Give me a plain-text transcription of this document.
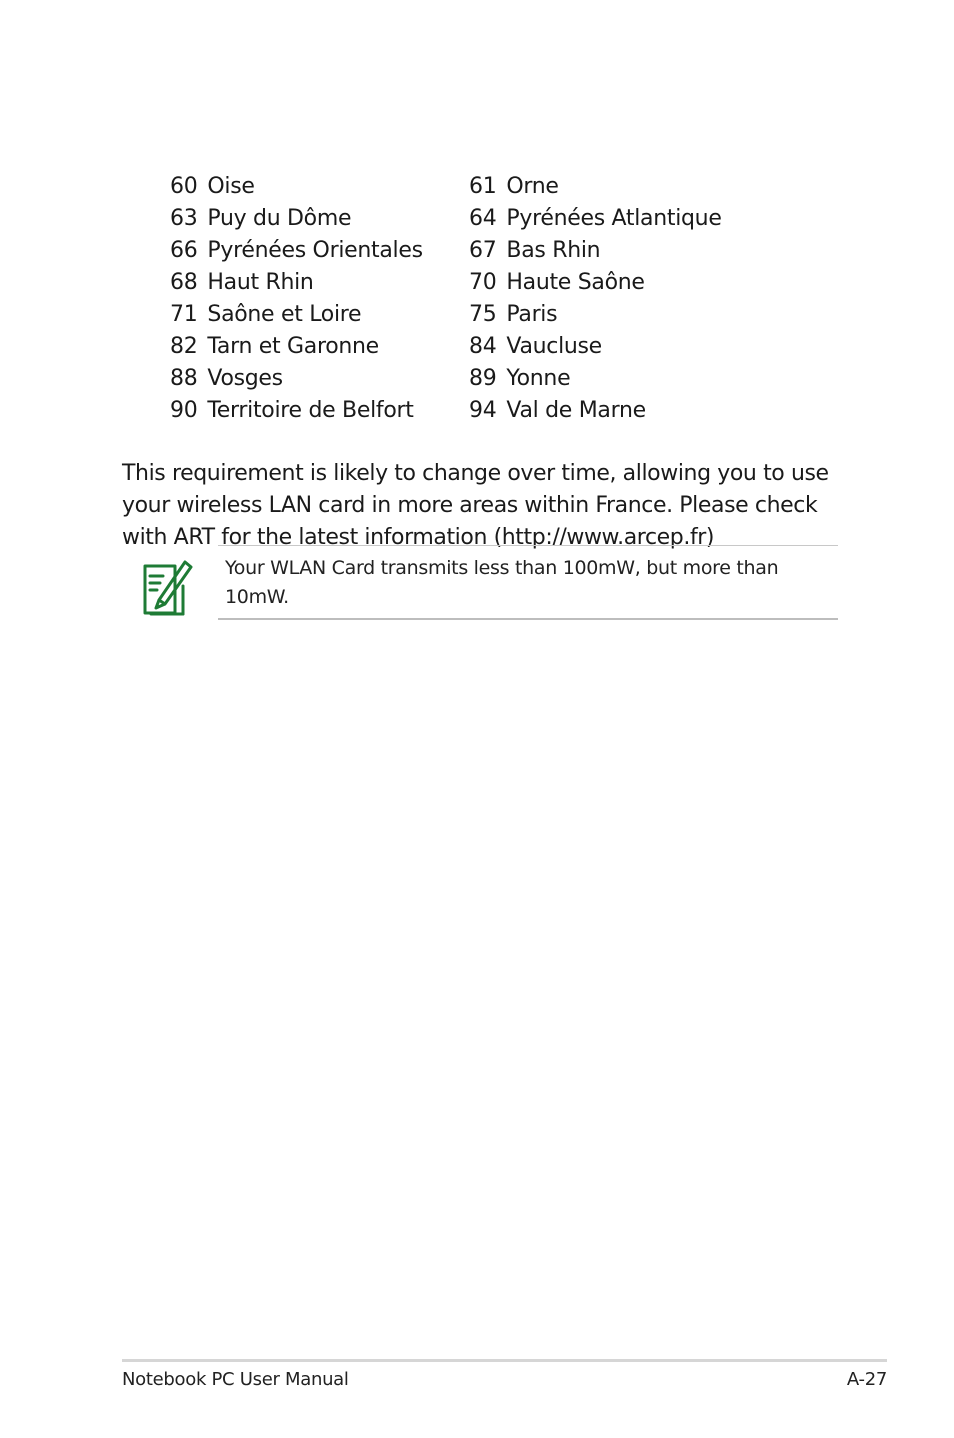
60 Oise	61 Orne
63 Puy du Dôme	64 Pyrénées Atlantique
66 Pyrénées Orientales	67 Bas Rhin
68 Haut Rhin	70 Haute Saône
71 Saône et Loire	75 Paris
82 Tarn et Garonne	84 Vaucluse
88 Vosges	89 Yonne
90 Territoire de Belfort	94 Val de Marne

This requirement is likely to change over time, allowing you to use your wireless LAN card in more areas within France. Please check with ART for the latest information (http://www.arcep.fr)

Your WLAN Card transmits less than 100mW, but more than 10mW.
Notebook PC User Manual	A-27
